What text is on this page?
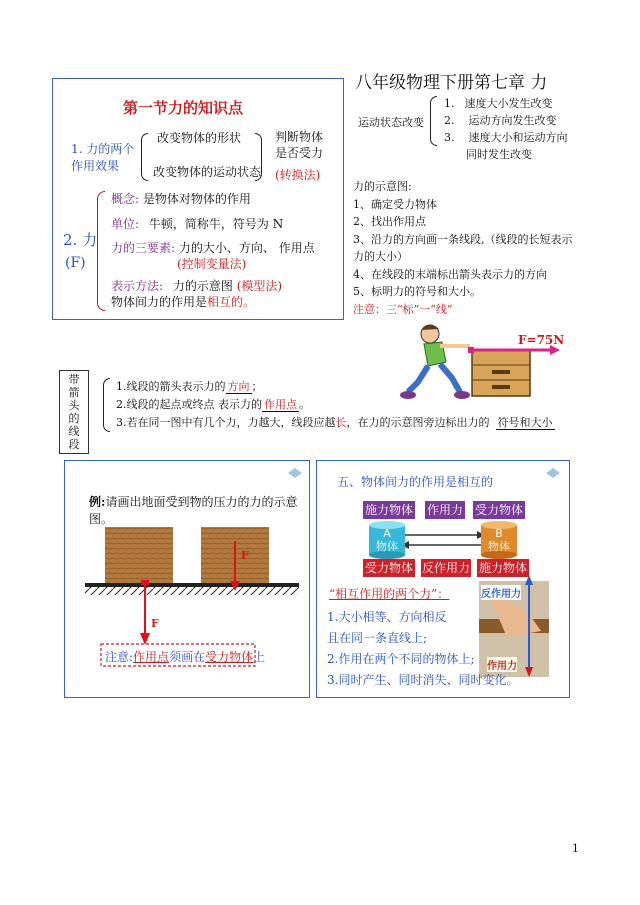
第一节力的知识点
1. 力的两个
作用效果
改变物体的形状
改变物体的运动状态
判断物体
是否受力
(转换法)
2. 力
(F)
概念: 是物体对物体的作用
单位: 牛顿，简称牛，符号为 N
力的三要素: 力的大小、方向、 作用点
(控制变量法)
表示方法: 力的示意图 (模型法)
物体间力的作用是相互的。
八年级物理下册第七章 力
运动状态改变
1. 速度大小发生改变
2. 运动方向发生改变
3. 速度大小和运动方向
同时发生改变
力的示意图:
1、确定受力物体
2、找出作用点
3、沿力的方向画一条线段,（线段的长短表示
力的大小）
4、在线段的末端标出箭头表示力的方向
5、标明力的符号和大小。
注意：三“标”一“线”
F=75N
带
箭
头
的
线
段
1.线段的箭头表示力的 方向 ；
2.线段的起点或终点 表示力的 作用点 。
3.若在同一图中有几个力，力越大，线段应越长，在力的示意图旁边标出力的 符号和大小
例:请画出地面受到物的压力的力的示意图。
F
F
注意:作用点须画在受力物体上
五、物体间力的作用是相互的
施力物体 作用力 受力物体
A
物体
B
物体
受力物体 反作用力 施力物体
“相互作用的两个力”：
1.大小相等、方向相反
且在同一条直线上;
2.作用在两个不同的物体上;
3.同时产生、同时消失、同时变化。
反作用力
作用力
1
